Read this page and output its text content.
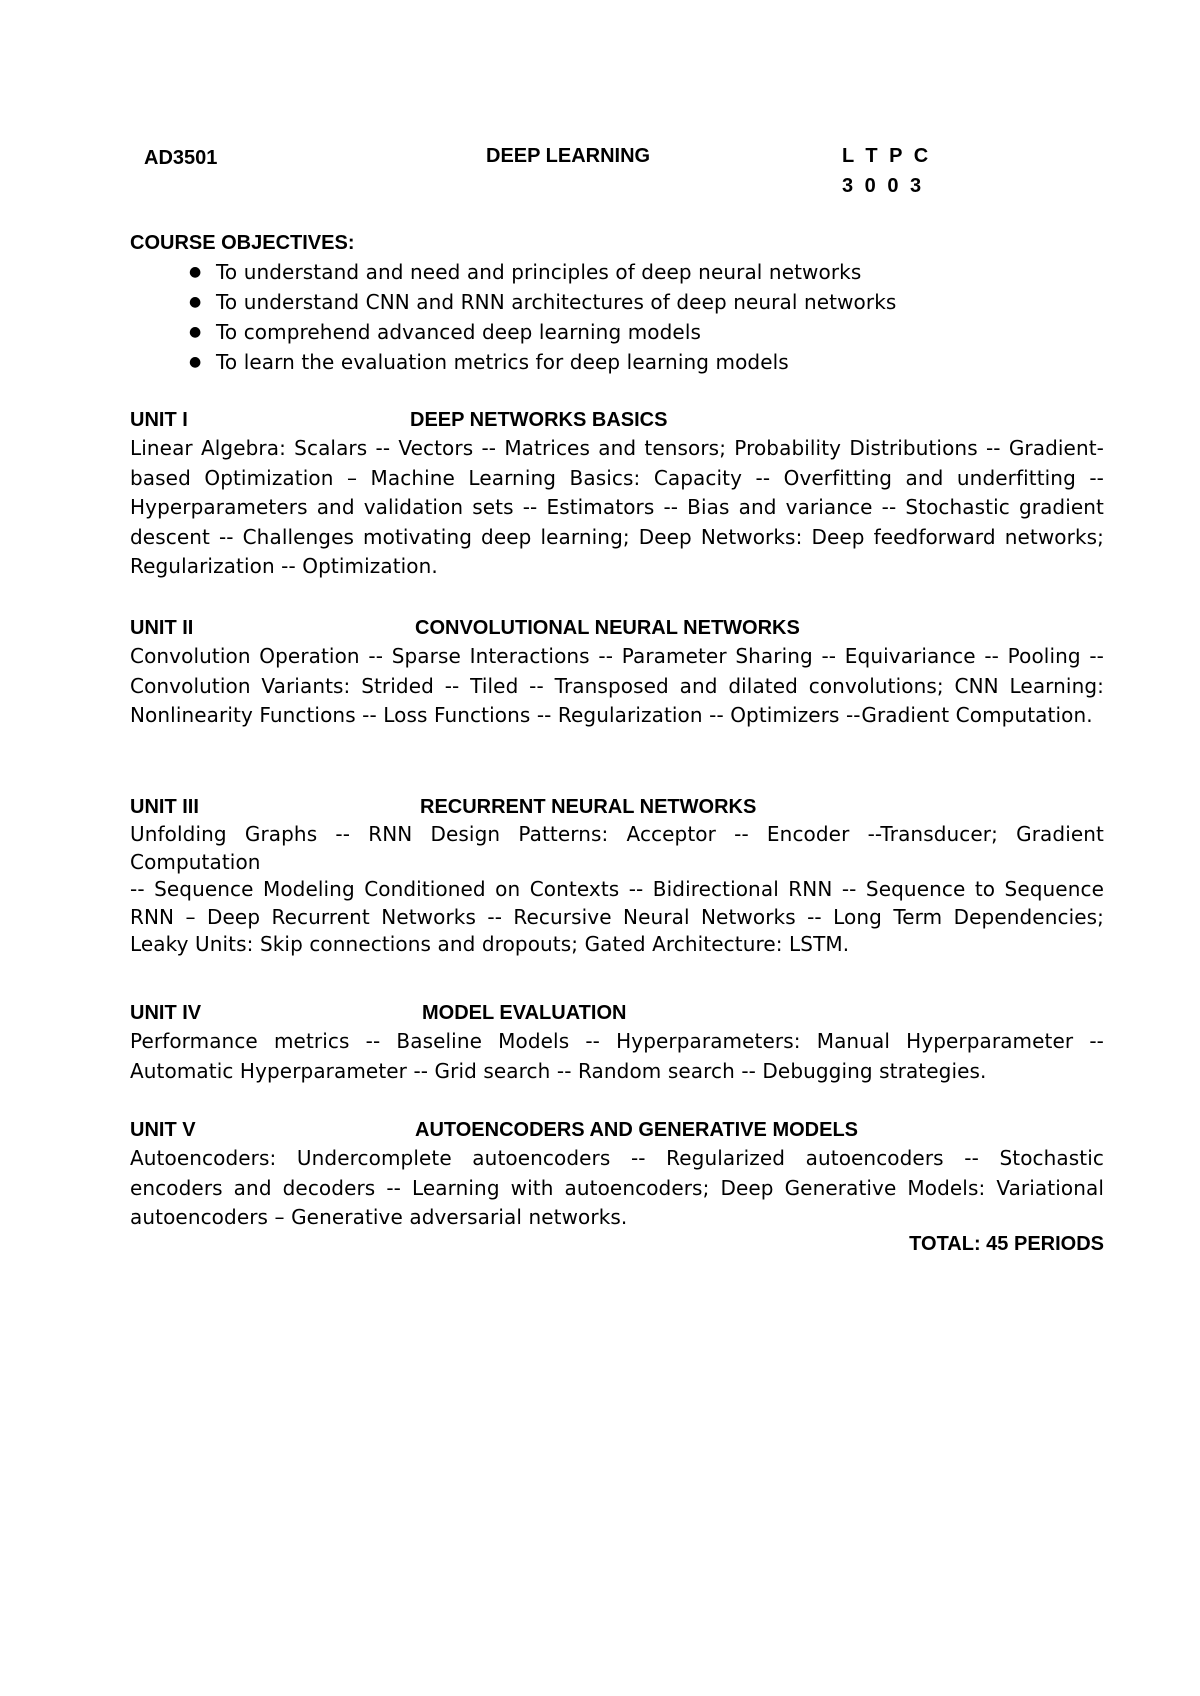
AD3501	DEEP LEARNING	L T P C
3 0 0 3
COURSE OBJECTIVES:
● To understand and need and principles of deep neural networks
● To understand CNN and RNN architectures of deep neural networks
● To comprehend advanced deep learning models
● To learn the evaluation metrics for deep learning models
UNIT I	DEEP NETWORKS BASICS

Linear Algebra: Scalars -- Vectors -- Matrices and tensors; Probability Distributions -- Gradient-based Optimization – Machine Learning Basics: Capacity -- Overfitting and underfitting --Hyperparameters and validation sets -- Estimators -- Bias and variance -- Stochastic gradient descent -- Challenges motivating deep learning; Deep Networks: Deep feedforward networks; Regularization -- Optimization.

UNIT II	CONVOLUTIONAL NEURAL NETWORKS

Convolution Operation -- Sparse Interactions -- Parameter Sharing -- Equivariance -- Pooling -- Convolution Variants: Strided -- Tiled -- Transposed and dilated convolutions; CNN Learning: Nonlinearity Functions -- Loss Functions -- Regularization -- Optimizers --Gradient Computation.

UNIT III	RECURRENT NEURAL NETWORKS

Unfolding Graphs -- RNN Design Patterns: Acceptor -- Encoder --Transducer; Gradient Computation

-- Sequence Modeling Conditioned on Contexts -- Bidirectional RNN -- Sequence to Sequence RNN – Deep Recurrent Networks -- Recursive Neural Networks -- Long Term Dependencies; Leaky Units: Skip connections and dropouts; Gated Architecture: LSTM.

UNIT IV	MODEL EVALUATION

Performance metrics -- Baseline Models -- Hyperparameters: Manual Hyperparameter -- Automatic Hyperparameter -- Grid search -- Random search -- Debugging strategies.

UNIT V	AUTOENCODERS AND GENERATIVE MODELS

Autoencoders: Undercomplete autoencoders -- Regularized autoencoders -- Stochastic encoders and decoders -- Learning with autoencoders; Deep Generative Models: Variational autoencoders – Generative adversarial networks.

TOTAL: 45 PERIODS
